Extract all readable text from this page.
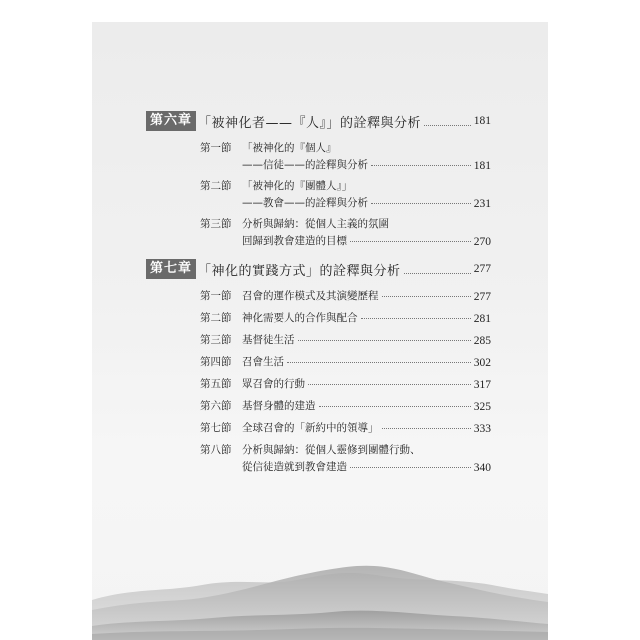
第六章 「被神化者——『人』」的詮釋與分析	181
第一節	「被神化的『個人』
——信徒——的詮釋與分析	181
第二節	「被神化的『團體人』」
——教會——的詮釋與分析	231
第三節	分析與歸納：從個人主義的氛圍
回歸到教會建造的目標	270
第七章 「神化的實踐方式」的詮釋與分析	277
第一節	召會的運作模式及其演變歷程	277
第二節	神化需要人的合作與配合	281
第三節	基督徒生活	285
第四節	召會生活	302
第五節	眾召會的行動	317
第六節	基督身體的建造	325
第七節	全球召會的「新約中的領導」	333
第八節	分析與歸納：從個人靈修到團體行動、
從信徒造就到教會建造	340
